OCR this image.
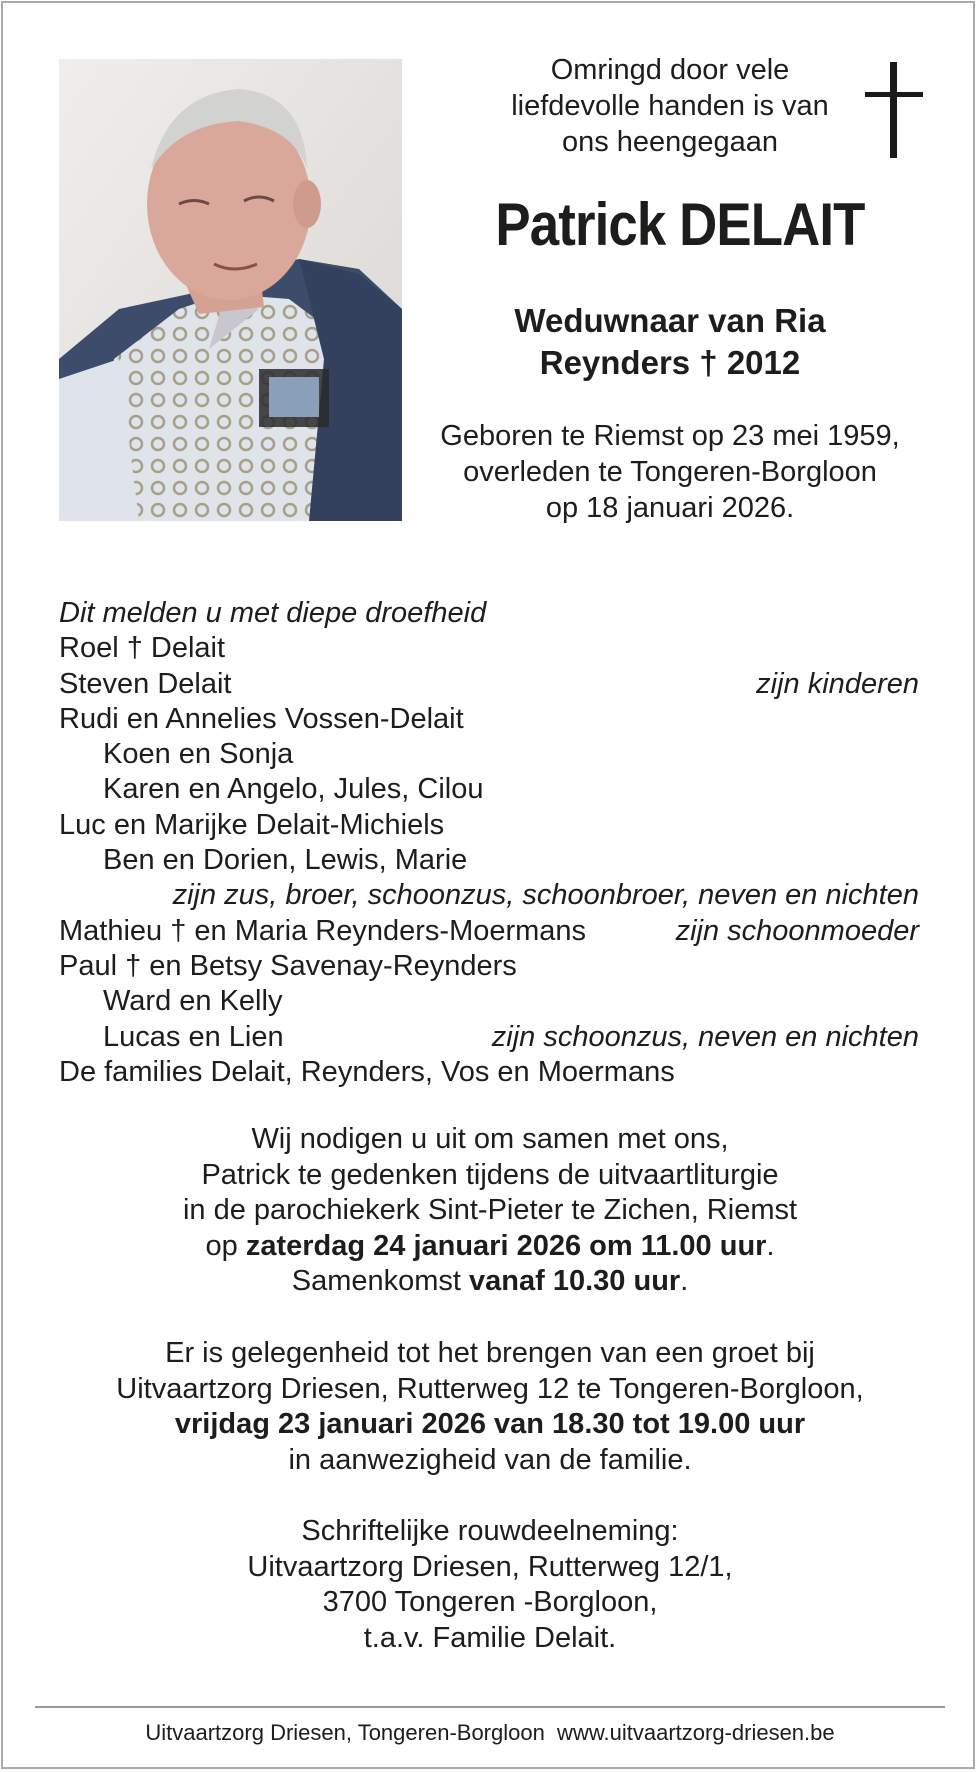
Omringd door vele
liefdevolle handen is van
ons heengegaan
Patrick DELAIT
Weduwnaar van Ria
Reynders † 2012
Geboren te Riemst op 23 mei 1959,
overleden te Tongeren-Borgloon
op 18 januari 2026.
Dit melden u met diepe droefheid
Roel † Delait
Steven Delait	zijn kinderen
Rudi en Annelies Vossen-Delait
Koen en Sonja
Karen en Angelo, Jules, Cilou
Luc en Marijke Delait-Michiels
Ben en Dorien, Lewis, Marie
zijn zus, broer, schoonzus, schoonbroer, neven en nichten
Mathieu † en Maria Reynders-Moermans	zijn schoonmoeder
Paul † en Betsy Savenay-Reynders
Ward en Kelly
Lucas en Lien	zijn schoonzus, neven en nichten
De families Delait, Reynders, Vos en Moermans

Wij nodigen u uit om samen met ons,

Patrick te gedenken tijdens de uitvaartliturgie

in de parochiekerk Sint-Pieter te Zichen, Riemst

op zaterdag 24 januari 2026 om 11.00 uur.

Samenkomst vanaf 10.30 uur.

Er is gelegenheid tot het brengen van een groet bij

Uitvaartzorg Driesen, Rutterweg 12 te Tongeren-Borgloon,

vrijdag 23 januari 2026 van 18.30 tot 19.00 uur

in aanwezigheid van de familie.

Schriftelijke rouwdeelneming:

Uitvaartzorg Driesen, Rutterweg 12/1,

3700 Tongeren -Borgloon,

t.a.v. Familie Delait.

Uitvaartzorg Driesen, Tongeren-Borgloon  www.uitvaartzorg-driesen.be
